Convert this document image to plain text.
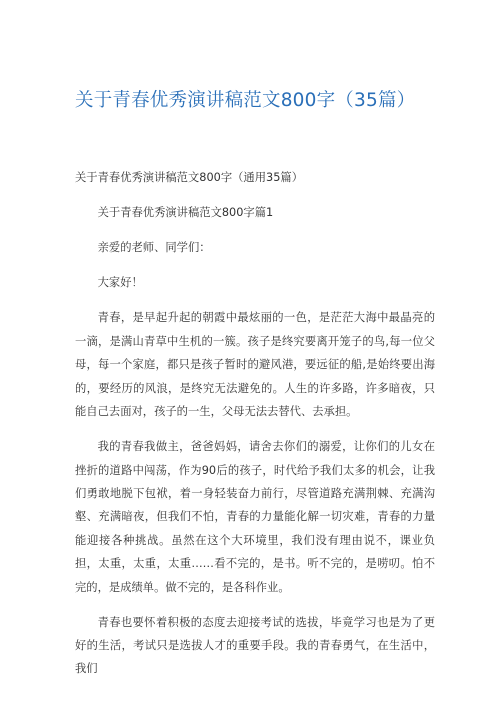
关于青春优秀演讲稿范文800字（35篇）

关于青春优秀演讲稿范文800字（通用35篇）

关于青春优秀演讲稿范文800字篇1

亲爱的老师、同学们：

大家好！

青春，是早起升起的朝霞中最炫丽的一色，是茫茫大海中最晶亮的一滴，是满山青草中生机的一簇。孩子是终究要离开笼子的鸟,每一位父母，每一个家庭，都只是孩子暂时的避风港，要远征的船,是始终要出海的，要经历的风浪，是终究无法避免的。人生的许多路，许多暗夜，只能自己去面对，孩子的一生，父母无法去替代、去承担。

我的青春我做主，爸爸妈妈，请舍去你们的溺爱，让你们的儿女在挫折的道路中闯荡，作为90后的孩子，时代给予我们太多的机会，让我们勇敢地脱下包袱，着一身轻装奋力前行，尽管道路充满荆棘、充满沟壑、充满暗夜，但我们不怕，青春的力量能化解一切灾难，青春的力量能迎接各种挑战。虽然在这个大环境里，我们没有理由说不，课业负担，太重，太重，太重……看不完的，是书。听不完的，是唠叨。怕不完的，是成绩单。做不完的，是各科作业。

青春也要怀着积极的态度去迎接考试的选拔，毕竟学习也是为了更好的生活，考试只是选拔人才的重要手段。我的青春勇气，在生活中，我们
